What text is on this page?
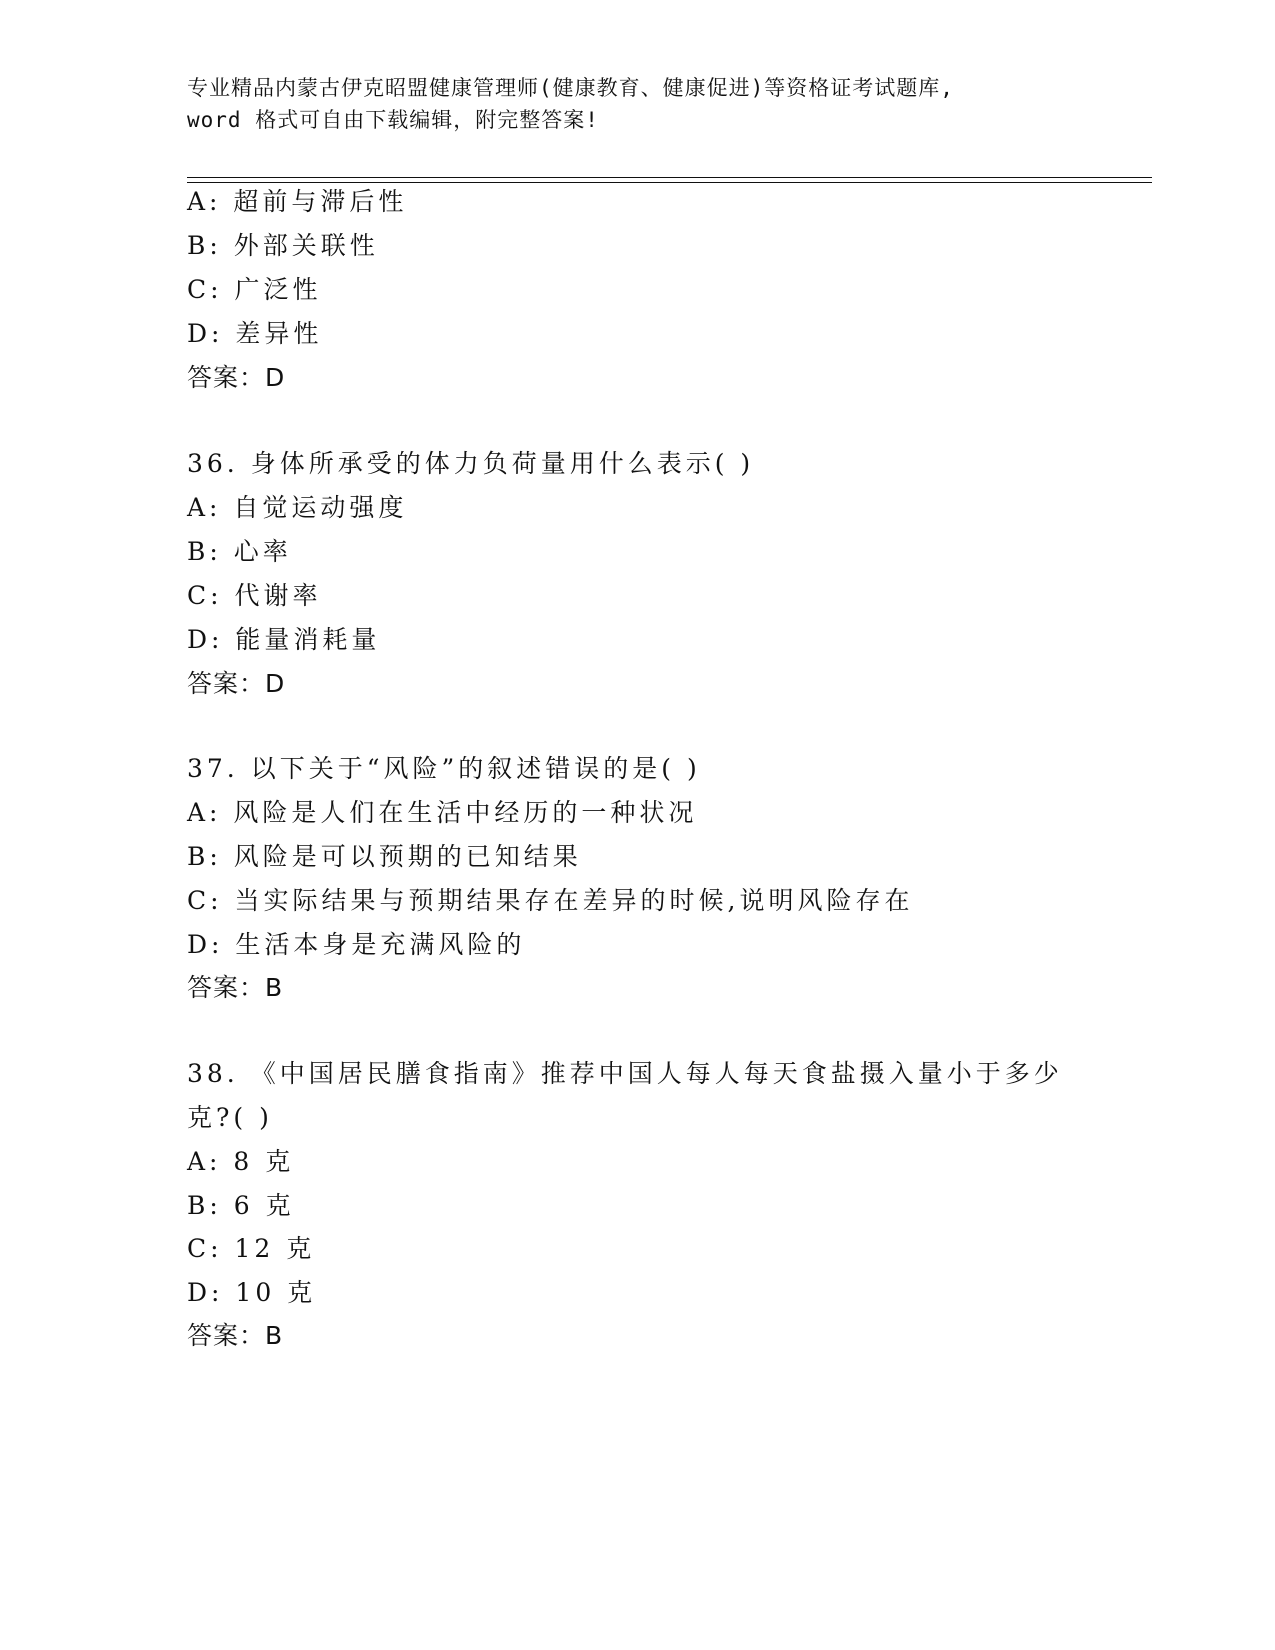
专业精品内蒙古伊克昭盟健康管理师(健康教育、健康促进)等资格证考试题库,
word 格式可自由下载编辑，附完整答案!
A: 超前与滞后性
B: 外部关联性
C: 广泛性
D: 差异性
答案：D
36. 身体所承受的体力负荷量用什么表示( )
A: 自觉运动强度
B: 心率
C: 代谢率
D: 能量消耗量
答案：D
37. 以下关于“风险”的叙述错误的是( )
A: 风险是人们在生活中经历的一种状况
B: 风险是可以预期的已知结果
C: 当实际结果与预期结果存在差异的时候,说明风险存在
D: 生活本身是充满风险的
答案：B
38. 《中国居民膳食指南》推荐中国人每人每天食盐摄入量小于多少
克?( )
A: 8 克
B: 6 克
C: 12 克
D: 10 克
答案：B
